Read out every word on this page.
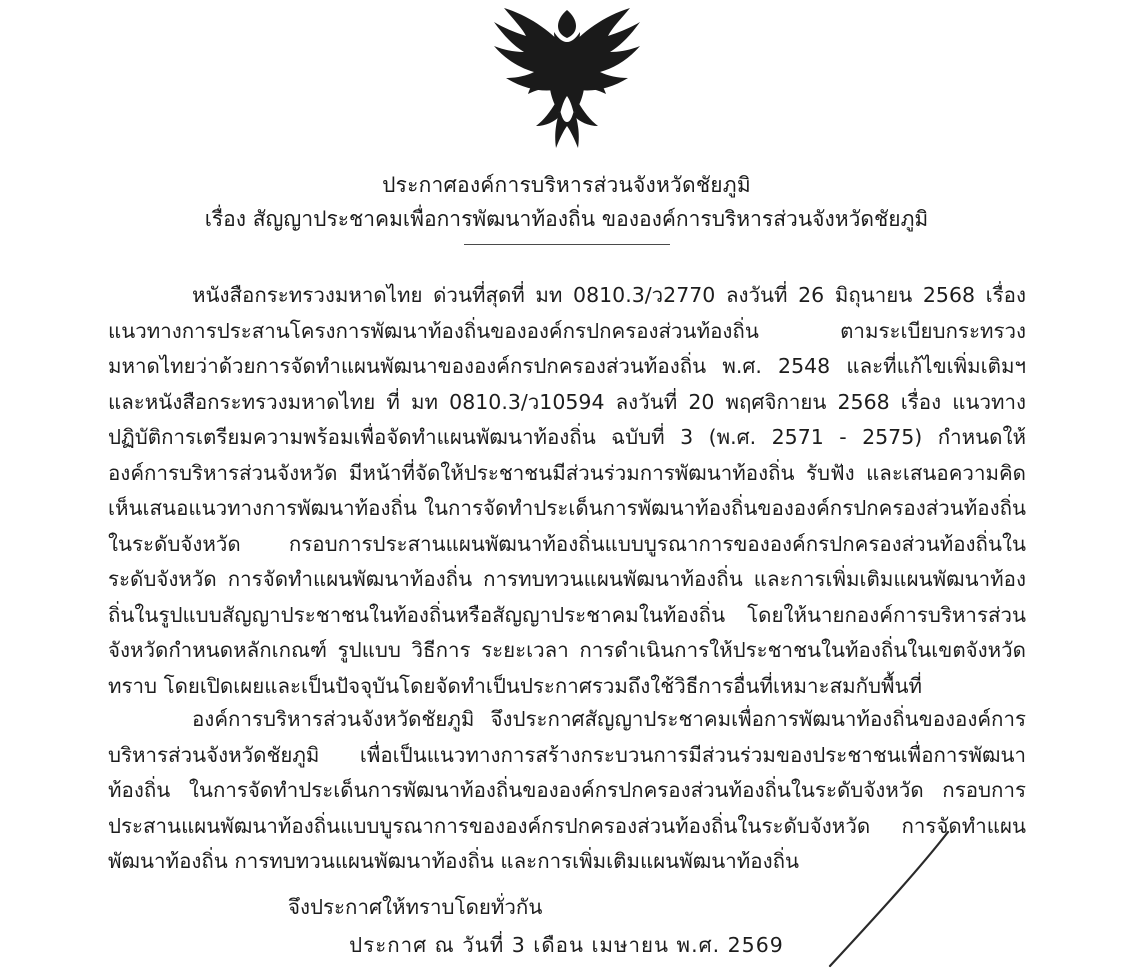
ประกาศองค์การบริหารส่วนจังหวัดชัยภูมิ
เรื่อง สัญญาประชาคมเพื่อการพัฒนาท้องถิ่น ของ​องค์การบริหารส่วนจังหวัดชัยภูมิ
หนังสือกระทรวงมหาดไทย ด่วนที่สุดที่ มท 0810.3/ว2770 ลงวันที่ 26 มิถุนายน 2568 เรื่อง แนวทางการประสานโครงการพัฒนาท้องถิ่นขององค์กรปกครองส่วนท้องถิ่น ตามระเบียบกระทรวงมหาดไทยว่าด้วยการจัดทำแผนพัฒนาขององค์กรปกครองส่วนท้องถิ่น พ.ศ. 2548 และที่แก้ไขเพิ่มเติมฯ และหนังสือกระทรวงมหาดไทย ที่ มท 0810.3/ว10594 ลงวันที่ 20 พฤศจิกายน 2568 เรื่อง แนวทางปฏิบัติการเตรียมความพร้อมเพื่อจัดทำแผนพัฒนาท้องถิ่น ฉบับที่ 3 (พ.ศ. 2571 - 2575) กำหนดให้องค์การบริหารส่วนจังหวัด มีหน้าที่จัดให้ประชาชนมีส่วนร่วมการพัฒนาท้องถิ่น รับฟัง และเสนอความคิดเห็นเสนอแนวทางการพัฒนาท้องถิ่น ในการจัดทำประเด็นการพัฒนาท้องถิ่นขององค์กรปกครองส่วนท้องถิ่นในระดับจังหวัด กรอบการประสานแผนพัฒนาท้องถิ่นแบบบูรณาการขององค์กรปกครองส่วนท้องถิ่นในระดับจังหวัด การจัดทำแผนพัฒนาท้องถิ่น การทบทวนแผนพัฒนาท้องถิ่น และการเพิ่มเติมแผนพัฒนาท้องถิ่นในรูปแบบสัญญาประชาชนในท้องถิ่นหรือสัญญาประชาคมในท้องถิ่น โดยให้นายกองค์การบริหารส่วนจังหวัดกำหนดหลักเกณฑ์ รูปแบบ วิธีการ ระยะเวลา การดำเนินการให้ประชาชนในท้องถิ่นในเขตจังหวัดทราบ โดยเปิดเผยและเป็นปัจจุบันโดยจัดทำเป็นประกาศรวมถึงใช้วิธีการอื่นที่เหมาะสมกับพื้นที่
องค์การบริหารส่วนจังหวัดชัยภูมิ จึงประกาศสัญญาประชาคมเพื่อการพัฒนาท้องถิ่นขององค์การบริหารส่วนจังหวัดชัยภูมิ เพื่อเป็นแนวทางการสร้างกระบวนการมีส่วนร่วมของประชาชนเพื่อการพัฒนาท้องถิ่น ในการจัดทำประเด็นการพัฒนาท้องถิ่นขององค์กรปกครองส่วนท้องถิ่นในระดับจังหวัด กรอบการประสานแผนพัฒนาท้องถิ่นแบบบูรณาการขององค์กรปกครองส่วนท้องถิ่นในระดับจังหวัด การจัดทำแผนพัฒนาท้องถิ่น การทบทวนแผนพัฒนาท้องถิ่น และการเพิ่มเติมแผนพัฒนาท้องถิ่น
จึงประกาศให้ทราบโดยทั่วกัน
ประกาศ ณ วันที่ 3 เดือน เมษายน พ.ศ. 2569
